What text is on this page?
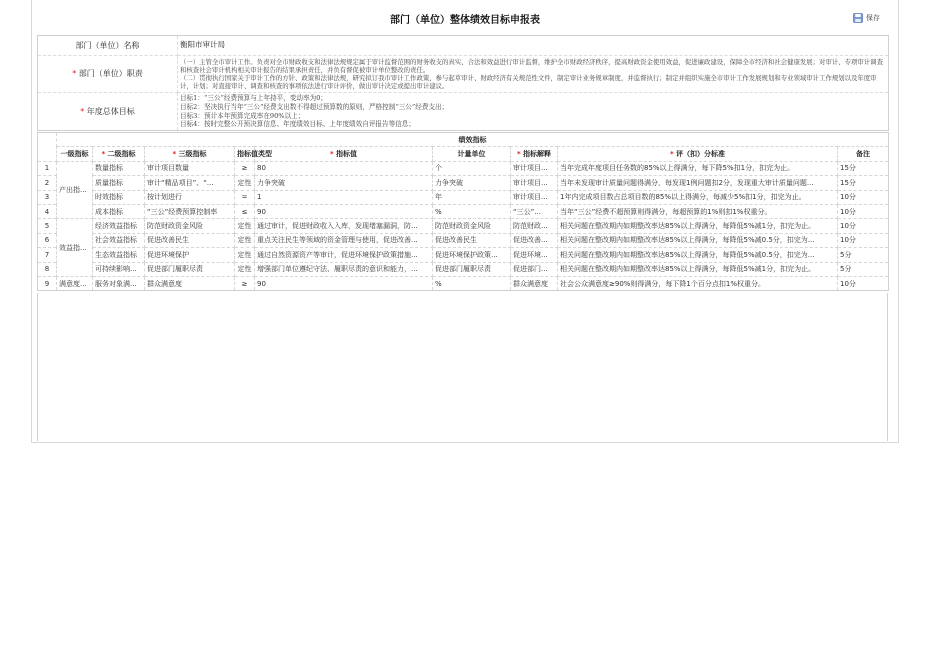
部门（单位）整体绩效目标申报表	保存
部门（单位）名称	衡阳市审计局
* 部门（单位）职责	（一）主管全市审计工作。负责对全市财政收支和法律法规规定属于审计监督范围的财务收支的真实、合法和效益进行审计监督，维护全市财政经济秩序，提高财政资金使用效益，促进廉政建设，保障全市经济和社会健康发展；对审计、专项审计调查和核查社会审计机构相关审计报告的结果承担责任，并负有督促被审计单位整改的责任。
（二）贯彻执行国家关于审计工作的方针、政策和法律法规，研究拟订我市审计工作政策，参与起草审计、财政经济有关规范性文件，制定审计业务规章制度，并监督执行；制定并组织实施全市审计工作发展规划和专业领域审计工作规划以及年度审计，计划；对直接审计、调查和核查的事项依法进行审计评价，做出审计决定或提出审计建议。

* 年度总体目标	目标1：“三公”经费预算与上年持平，变动率为0；
目标2：坚决执行当年“三公”经费支出数不得超过预算数的原则，严格控制“三公”经费支出；
目标3：预计本年预算完成率在90%以上；
目标4：按时完整公开预决算信息、年度绩效目标、上年度绩效自评报告等信息；
	绩效指标								
	一级指标	* 二级指标	* 三级指标	指标值类型	* 指标值	计量单位	* 指标解释	* 评（扣）分标准	备注
1	产出指...	数量指标	审计项目数量	≥	80	个	审计项目...	当年完成年度项目任务数的85%以上得满分，每下降5%扣1分，扣完为止。	15分
2		质量指标	审计“精品项目”、“...	定性	力争突破	力争突破	审计项目...	当年未发现审计质量问题得满分，每发现1例问题扣2分，发现重大审计质量问题...	15分
3		时效指标	按计划进行	=	1	年	审计项目...	1年内完成项目数占总项目数的85%以上得满分，每减少5%扣1分，扣完为止。	10分
4		成本指标	“三公”经费预算控制率	≤	90	%	“三公”...	当年“三公”经费不超预算则得满分，每超预算的1%则扣1%权重分。	10分
5	效益指...	经济效益指标	防范财政资金风险	定性	通过审计，促进财政收入入库，发现堵塞漏洞，防...	防范财政资金风险	防范财政...	相关问题在整改期内如期整改率达85%以上得满分，每降低5%减1分，扣完为止。	10分
6		社会效益指标	促进改善民生	定性	重点关注民生等领域的资金管理与使用，促进改善...	促进改善民生	促进改善...	相关问题在整改期内如期整改率达85%以上得满分，每降低5%减0.5分，扣完为...	10分
7		生态效益指标	促进环境保护	定性	通过自然资源资产等审计，促进环境保护政策措施...	促进环境保护政策...	促进环境...	相关问题在整改期内如期整改率达85%以上得满分，每降低5%减0.5分，扣完为...	5分
8		可持续影响...	促进部门履职尽责	定性	增强部门单位遵纪守法、履职尽责的意识和能力，...	促进部门履职尽责	促进部门...	相关问题在整改期内如期整改率达85%以上得满分，每降低5%减1分，扣完为止。	5分
9	满意度...	服务对象满...	群众满意度	≥	90	%	群众满意度	社会公众满意度≥90%则得满分，每下降1个百分点扣1%权重分。	10分
